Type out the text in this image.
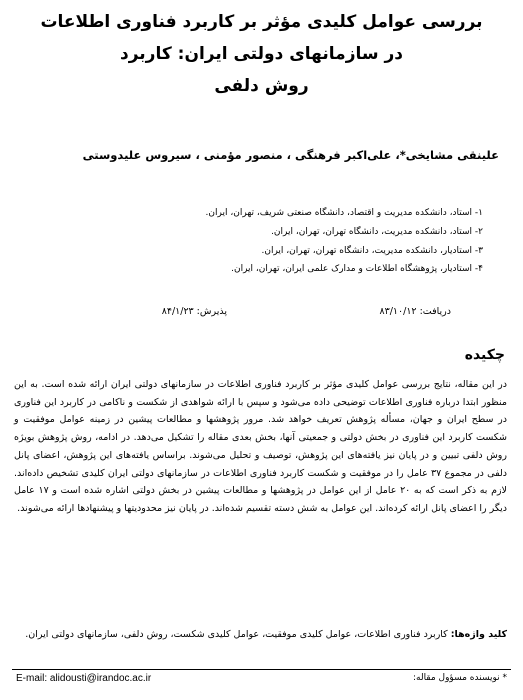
بررسی عوامل کلیدی مؤثر بر کاربرد فناوری اطلاعات
در سازمانهای دولتی ایران: کاربرد
روش دلفی
علینقی مشایخی‎*‎، علی‌اکبر فرهنگی‎ ، منصور مؤمنی‎ ، سیروس علیدوستی
۱- استاد، دانشکده مدیریت و اقتصاد، دانشگاه صنعتی شریف، تهران، ایران.
۲- استاد، دانشکده مدیریت، دانشگاه تهران، تهران، ایران.
۳- استادیار، دانشکده مدیریت، دانشگاه تهران، تهران، ایران.
۴- استادیار، پژوهشگاه اطلاعات و مدارک علمی ایران، تهران، ایران.
دریافت: ۸۳/۱۰/۱۲
پذیرش: ۸۴/۱/۲۳
چکیده
در این مقاله، نتایج بررسی عوامل کلیدی مؤثر بر کاربرد فناوری اطلاعات در سازمانهای دولتی ایران ارائه شده است. به این منظور ابتدا درباره فناوری اطلاعات توضیحی داده می‌شود و سپس با ارائه شواهدی از شکست و ناکامی در کاربرد این فناوری در سطح ایران و جهان، مسأله پژوهش تعریف خواهد شد. مرور پژوهشها و مطالعات پیشین در زمینه عوامل موفقیت و شکست کاربرد این فناوری در بخش دولتی و جمعیتی آنها، بخش بعدی مقاله را تشکیل می‌دهد. در ادامه، روش پژوهش بویژه روش دلفی تبیین و در پایان نیز یافته‌های این پژوهش، توصیف و تحلیل می‌شوند. براساس یافته‌های این پژوهش، اعضای پانل دلفی در مجموع ۳۷ عامل را در موفقیت و شکست کاربرد فناوری اطلاعات در سازمانهای دولتی ایران کلیدی تشخیص داده‌اند. لازم به ذکر است که به ۲۰ عامل از این عوامل در پژوهشها و مطالعات پیشین در بخش دولتی اشاره شده است و ۱۷ عامل دیگر را اعضای پانل ارائه کرده‌اند. این عوامل به شش دسته تقسیم شده‌اند. در پایان نیز محدودیتها و پیشنهادها ارائه می‌شوند.
کلید واژه‌ها: کاربرد فناوری اطلاعات، عوامل کلیدی موفقیت، عوامل کلیدی شکست، روش دلفی، سازمانهای دولتی ایران.
E-mail: alidousti@irandoc.ac.ir	* نویسنده مسؤول مقاله:
